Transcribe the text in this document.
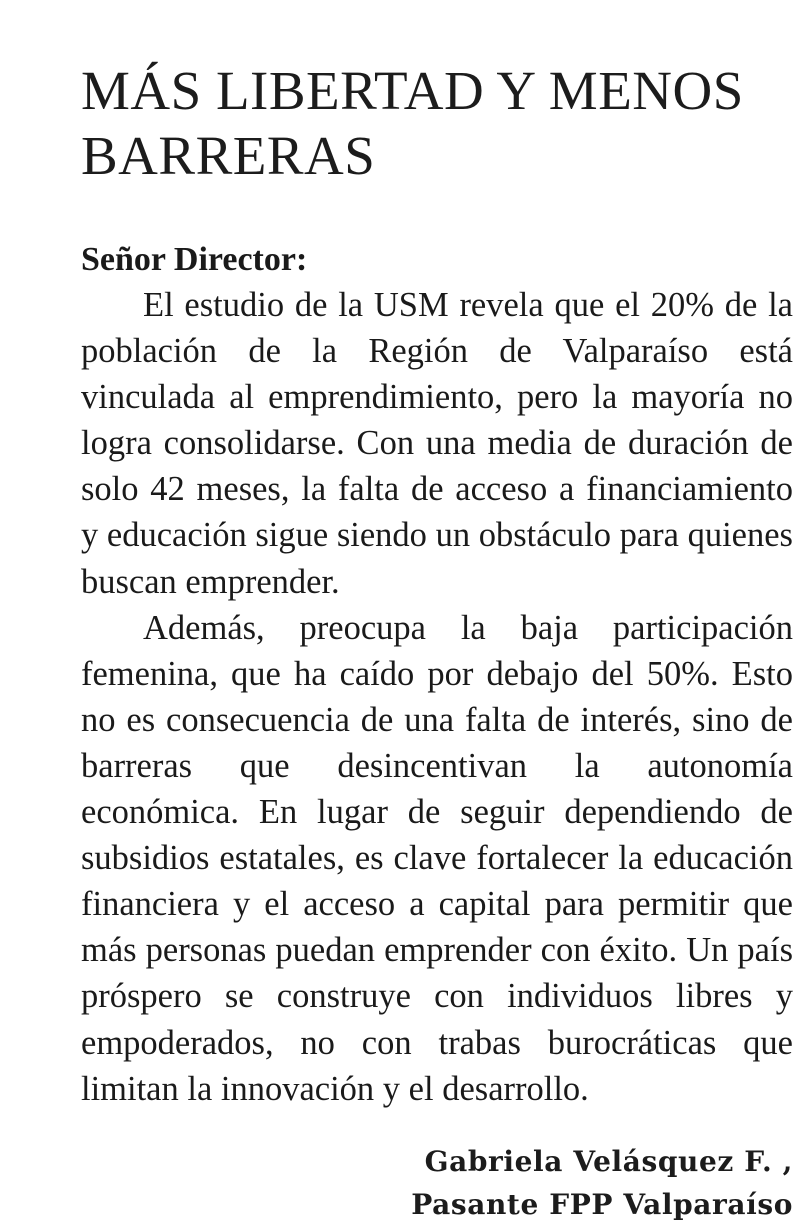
MÁS LIBERTAD Y MENOS BARRERAS
Señor Director:

El estudio de la USM revela que el 20% de la población de la Región de Valparaíso está vinculada al emprendimiento, pero la mayoría no logra consolidarse. Con una media de duración de solo 42 meses, la falta de acceso a financiamiento y educación sigue siendo un obstáculo para quienes buscan emprender.

Además, preocupa la baja participación femenina, que ha caído por debajo del 50%. Esto no es consecuencia de una falta de interés, sino de barreras que desincentivan la autonomía económica. En lugar de seguir dependiendo de subsidios estatales, es clave fortalecer la educación financiera y el acceso a capital para permitir que más personas puedan emprender con éxito. Un país próspero se construye con individuos libres y empoderados, no con trabas burocráticas que limitan la innovación y el desarrollo.

Gabriela Velásquez F. ,
Pasante FPP Valparaíso
